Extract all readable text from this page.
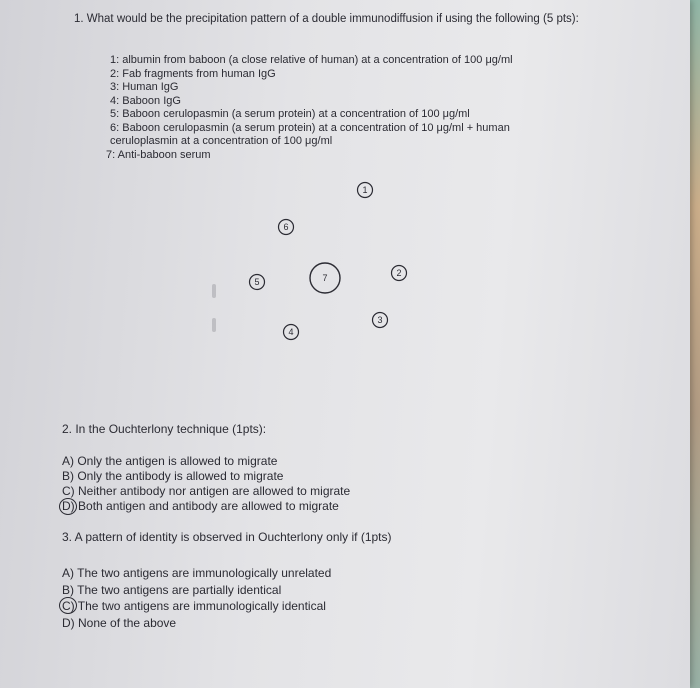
1. What would be the precipitation pattern of a double immunodiffusion if using the following (5 pts):
1: albumin from baboon (a close relative of human) at a concentration of 100 μg/ml
2: Fab fragments from human IgG
3: Human IgG
4: Baboon IgG
5: Baboon cerulopasmin (a serum protein) at a concentration of 100 μg/ml
6: Baboon cerulopasmin (a serum protein) at a concentration of 10 μg/ml + human ceruloplasmin at a concentration of 100 μg/ml
7: Anti-baboon serum
6
1
5	7	2
3
4
2. In the Ouchterlony technique (1pts):
A) Only the antigen is allowed to migrate
B) Only the antibody is allowed to migrate
C) Neither antibody nor antigen are allowed to migrate
D) Both antigen and antibody are allowed to migrate
3. A pattern of identity is observed in Ouchterlony only if (1pts)
A) The two antigens are immunologically unrelated
B) The two antigens are partially identical
C) The two antigens are immunologically identical
D) None of the above
